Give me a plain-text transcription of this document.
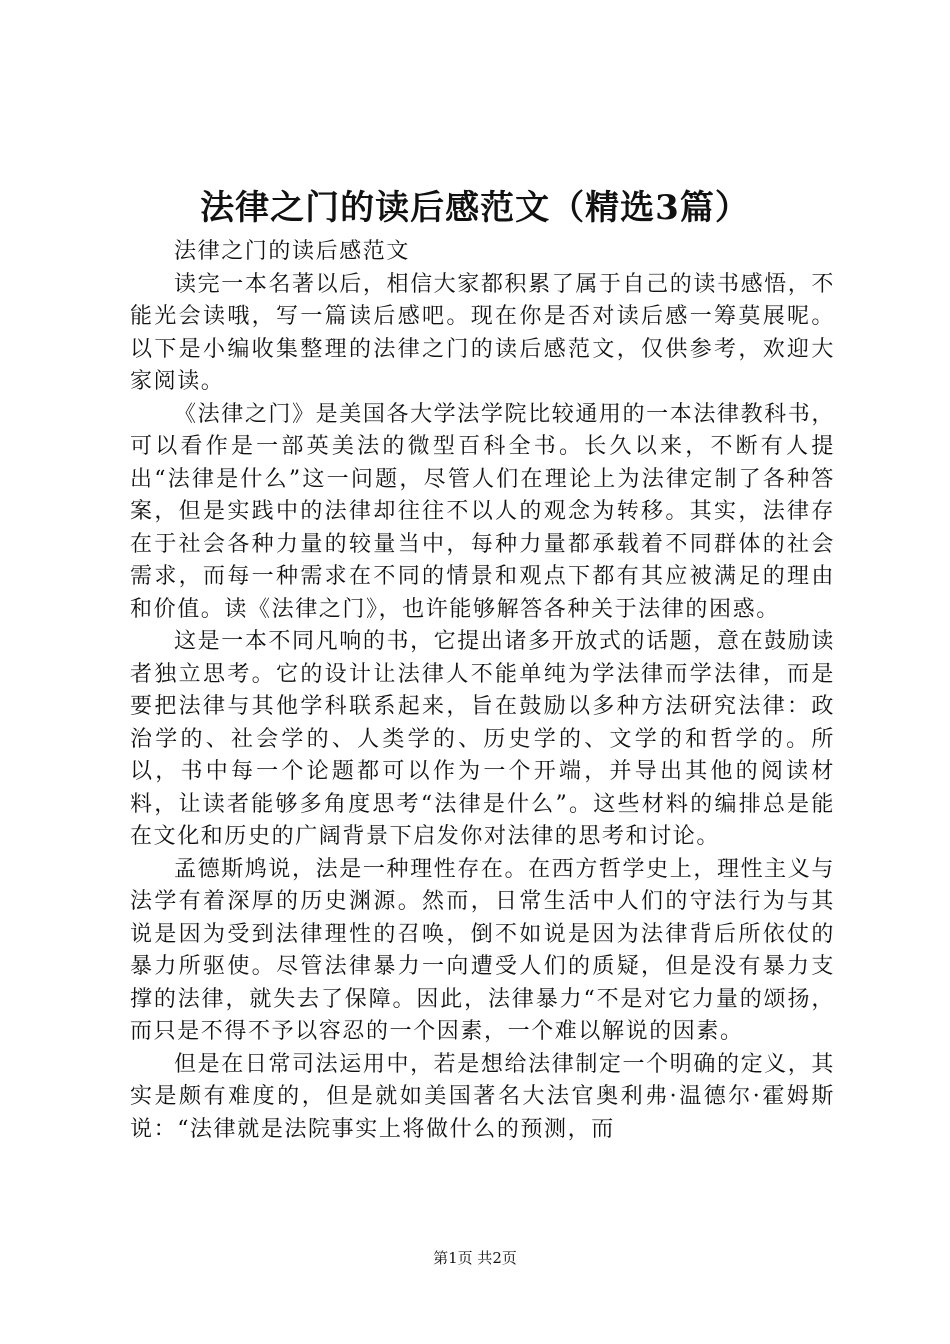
法律之门的读后感范文（精选3篇）

法律之门的读后感范文

读完一本名著以后，相信大家都积累了属于自己的读书感悟，不能光会读哦，写一篇读后感吧。现在你是否对读后感一筹莫展呢。以下是小编收集整理的法律之门的读后感范文，仅供参考，欢迎大家阅读。

《法律之门》是美国各大学法学院比较通用的一本法律教科书，可以看作是一部英美法的微型百科全书。长久以来，不断有人提出“法律是什么”这一问题，尽管人们在理论上为法律定制了各种答案，但是实践中的法律却往往不以人的观念为转移。其实，法律存在于社会各种力量的较量当中，每种力量都承载着不同群体的社会需求，而每一种需求在不同的情景和观点下都有其应被满足的理由和价值。读《法律之门》，也许能够解答各种关于法律的困惑。

这是一本不同凡响的书，它提出诸多开放式的话题，意在鼓励读者独立思考。它的设计让法律人不能单纯为学法律而学法律，而是要把法律与其他学科联系起来，旨在鼓励以多种方法研究法律：政治学的、社会学的、人类学的、历史学的、文学的和哲学的。所以，书中每一个论题都可以作为一个开端，并导出其他的阅读材料，让读者能够多角度思考“法律是什么”。这些材料的编排总是能在文化和历史的广阔背景下启发你对法律的思考和讨论。

孟德斯鸠说，法是一种理性存在。在西方哲学史上，理性主义与法学有着深厚的历史渊源。然而，日常生活中人们的守法行为与其说是因为受到法律理性的召唤，倒不如说是因为法律背后所依仗的暴力所驱使。尽管法律暴力一向遭受人们的质疑，但是没有暴力支撑的法律，就失去了保障。因此，法律暴力“不是对它力量的颂扬，而只是不得不予以容忍的一个因素，一个难以解说的因素。

但是在日常司法运用中，若是想给法律制定一个明确的定义，其实是颇有难度的，但是就如美国著名大法官奥利弗·温德尔·霍姆斯说：“法律就是法院事实上将做什么的预测，而

第1页 共2页
